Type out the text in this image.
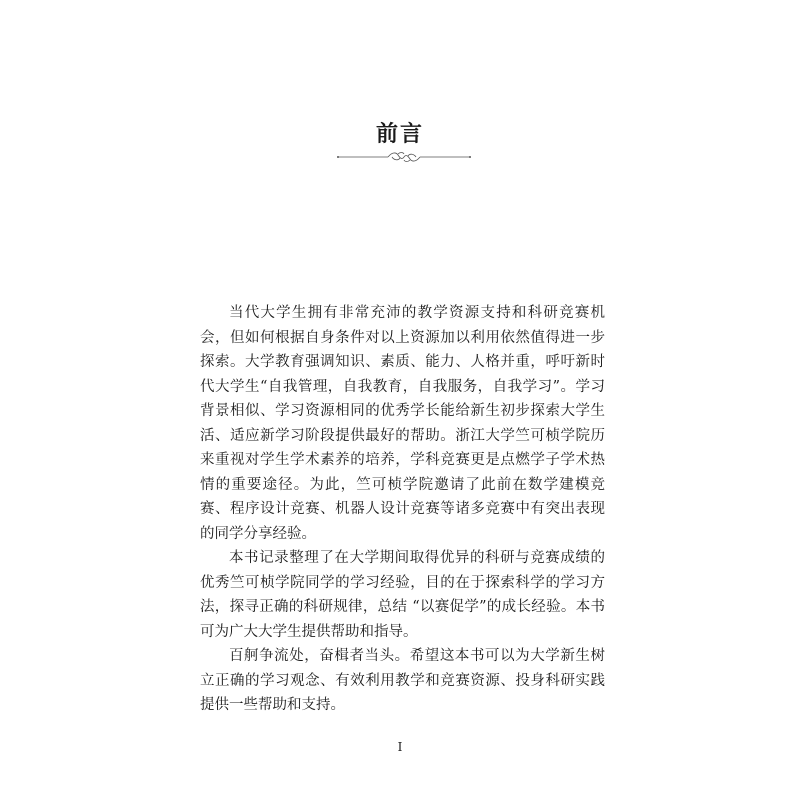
前言

当代大学生拥有非常充沛的教学资源支持和科研竞赛机会，但如何根据自身条件对以上资源加以利用依然值得进一步探索。大学教育强调知识、素质、能力、人格并重，呼吁新时代大学生“自我管理，自我教育，自我服务，自我学习”。学习背景相似、学习资源相同的优秀学长能给新生初步探索大学生活、适应新学习阶段提供最好的帮助。浙江大学竺可桢学院历来重视对学生学术素养的培养，学科竞赛更是点燃学子学术热情的重要途径。为此，竺可桢学院邀请了此前在数学建模竞赛、程序设计竞赛、机器人设计竞赛等诸多竞赛中有突出表现的同学分享经验。

本书记录整理了在大学期间取得优异的科研与竞赛成绩的优秀竺可桢学院同学的学习经验，目的在于探索科学的学习方法，探寻正确的科研规律，总结 “以赛促学”的成长经验。本书可为广大大学生提供帮助和指导。

百舸争流处，奋楫者当头。希望这本书可以为大学新生树立正确的学习观念、有效利用教学和竞赛资源、投身科研实践提供一些帮助和支持。

I
